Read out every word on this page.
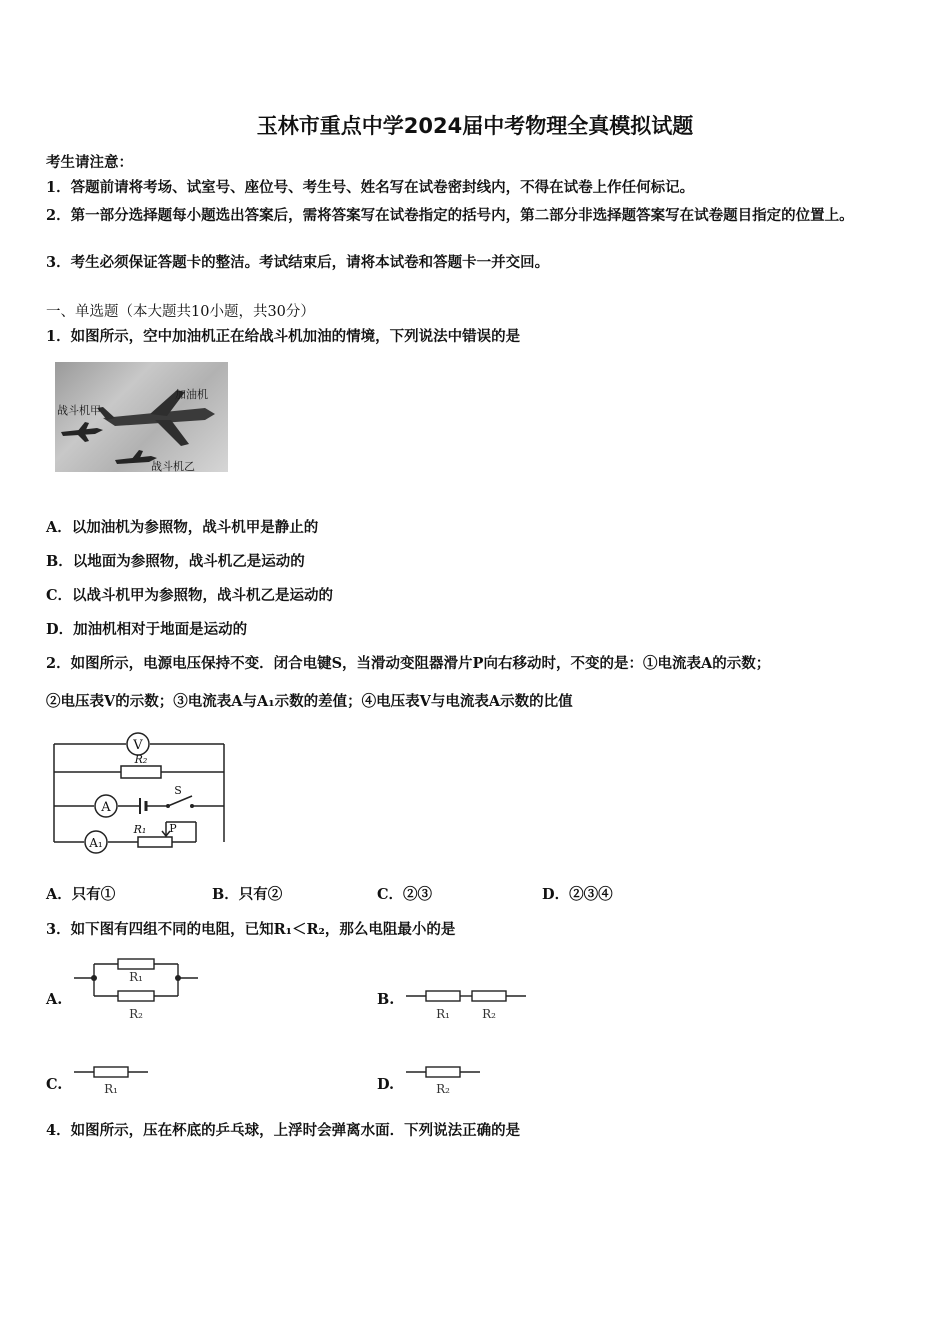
玉林市重点中学2024届中考物理全真模拟试题
考生请注意：
1．答题前请将考场、试室号、座位号、考生号、姓名写在试卷密封线内，不得在试卷上作任何标记。
2．第一部分选择题每小题选出答案后，需将答案写在试卷指定的括号内，第二部分非选择题答案写在试卷题目指定的位置上。
3．考生必须保证答题卡的整洁。考试结束后，请将本试卷和答题卡一并交回。
一、单选题（本大题共10小题，共30分）
1．如图所示，空中加油机正在给战斗机加油的情境，下列说法中错误的是
加油机
战斗机甲
战斗机乙
A．以加油机为参照物，战斗机甲是静止的
B．以地面为参照物，战斗机乙是运动的
C．以战斗机甲为参照物，战斗机乙是运动的
D．加油机相对于地面是运动的
2．如图所示，电源电压保持不变．闭合电键S，当滑动变阻器滑片P向右移动时，不变的是：①电流表A的示数；
②电压表V的示数；③电流表A与A₁示数的差值；④电压表V与电流表A示数的比值
V
R₂
A
S
A₁
R₁ P
A．只有①	B．只有②	C．②③	D．②③④
3．如下图有四组不同的电阻，已知R₁＜R₂，那么电阻最小的是
A.
R₁
R₂
B.
R₁	R₂
C.	R₁	D.	R₂
4．如图所示，压在杯底的乒乓球，上浮时会弹离水面．下列说法正确的是
